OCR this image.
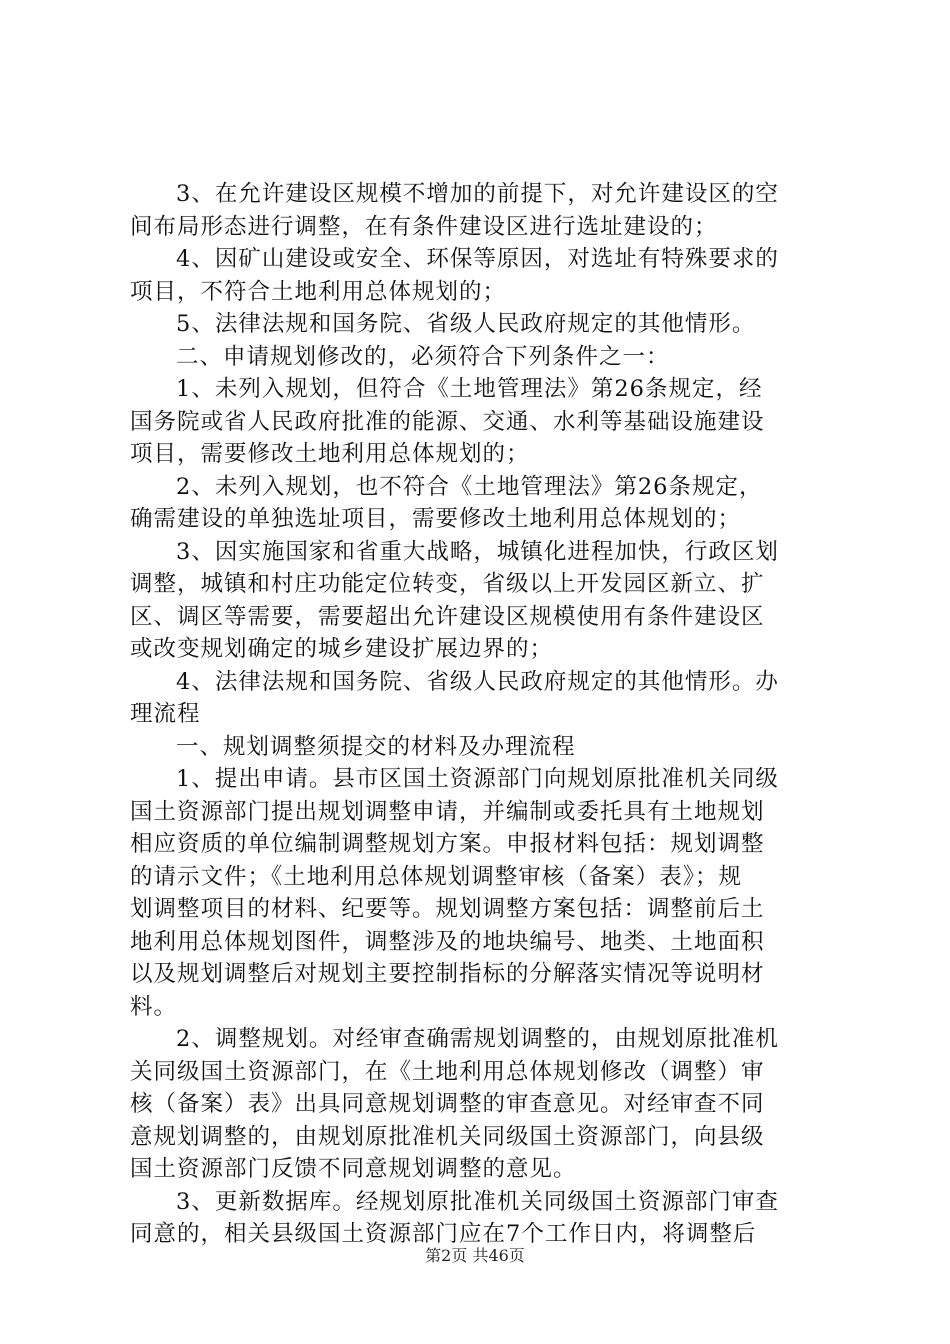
3、在允许建设区规模不增加的前提下，对允许建设区的空
间布局形态进行调整，在有条件建设区进行选址建设的；
4、因矿山建设或安全、环保等原因，对选址有特殊要求的
项目，不符合土地利用总体规划的；
5、法律法规和国务院、省级人民政府规定的其他情形。
二、申请规划修改的，必须符合下列条件之一：
1、未列入规划，但符合《土地管理法》第26条规定，经
国务院或省人民政府批准的能源、交通、水利等基础设施建设
项目，需要修改土地利用总体规划的；
2、未列入规划，也不符合《土地管理法》第26条规定，
确需建设的单独选址项目，需要修改土地利用总体规划的；
3、因实施国家和省重大战略，城镇化进程加快，行政区划
调整，城镇和村庄功能定位转变，省级以上开发园区新立、扩
区、调区等需要，需要超出允许建设区规模使用有条件建设区
或改变规划确定的城乡建设扩展边界的；
4、法律法规和国务院、省级人民政府规定的其他情形。办
理流程
一、规划调整须提交的材料及办理流程
1、提出申请。县市区国土资源部门向规划原批准机关同级
国土资源部门提出规划调整申请，并编制或委托具有土地规划
相应资质的单位编制调整规划方案。申报材料包括：规划调整
的请示文件；《土地利用总体规划调整审核（备案）表》；规
划调整项目的材料、纪要等。规划调整方案包括：调整前后土
地利用总体规划图件，调整涉及的地块编号、地类、土地面积
以及规划调整后对规划主要控制指标的分解落实情况等说明材
料。
2、调整规划。对经审查确需规划调整的，由规划原批准机
关同级国土资源部门，在《土地利用总体规划修改（调整）审
核（备案）表》出具同意规划调整的审查意见。对经审查不同
意规划调整的，由规划原批准机关同级国土资源部门，向县级
国土资源部门反馈不同意规划调整的意见。
3、更新数据库。经规划原批准机关同级国土资源部门审查
同意的，相关县级国土资源部门应在7个工作日内，将调整后
第2页 共46页
